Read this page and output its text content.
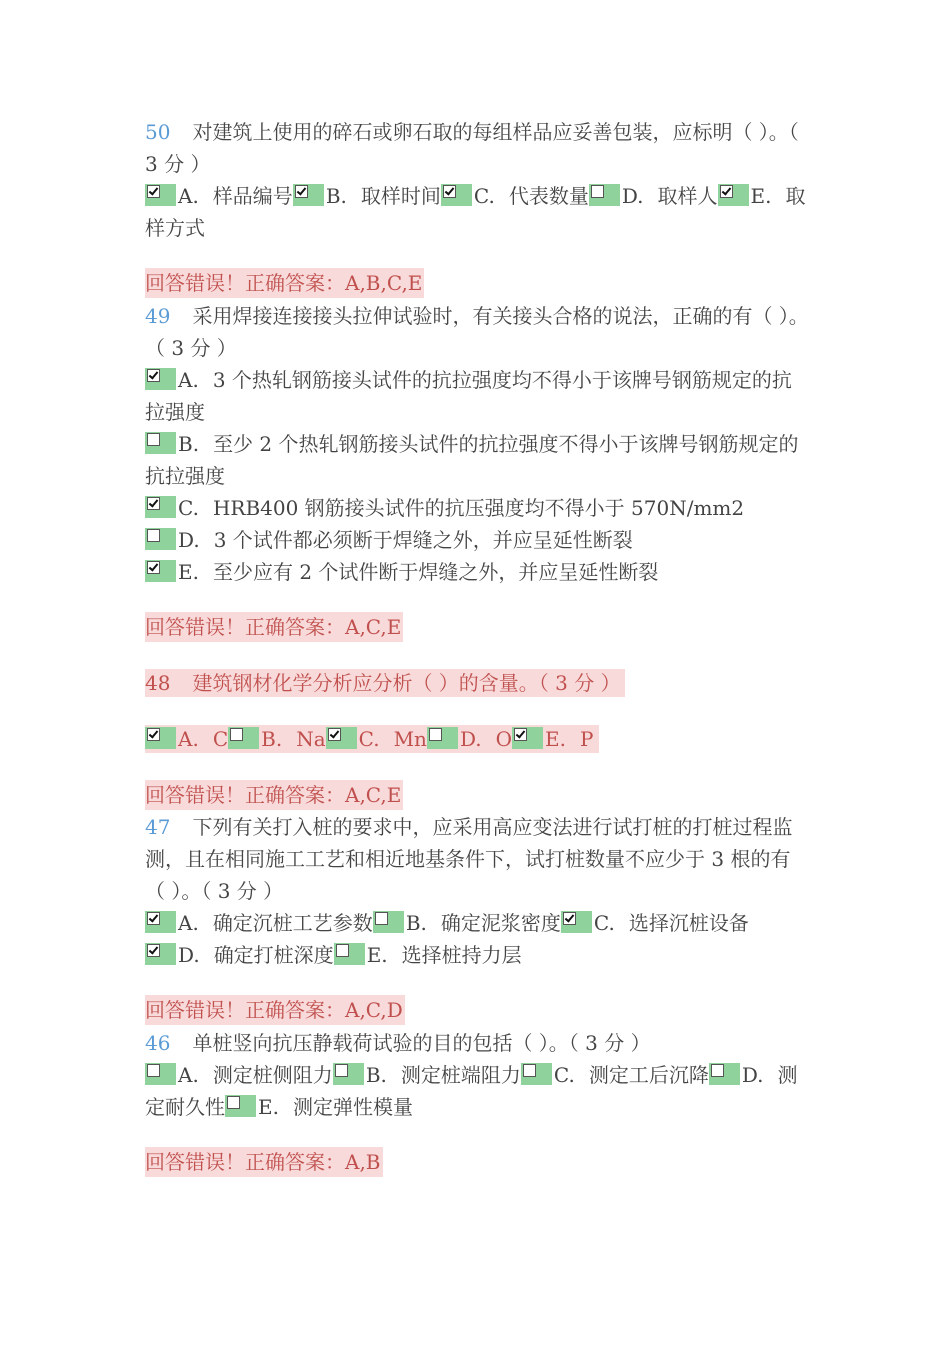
50 对建筑上使用的碎石或卵石取的每组样品应妥善包装，应标明（ ）。（ 3 分 ）
A. 样品编号 B. 取样时间 C. 代表数量 D. 取样人 E. 取样方式
回答错误！正确答案：A,B,C,E
49 采用焊接连接接头拉伸试验时，有关接头合格的说法，正确的有（ ）。（ 3 分 ）
A. 3 个热轧钢筋接头试件的抗拉强度均不得小于该牌号钢筋规定的抗拉强度
B. 至少 2 个热轧钢筋接头试件的抗拉强度不得小于该牌号钢筋规定的抗拉强度
C. HRB400 钢筋接头试件的抗压强度均不得小于 570N/mm2
D. 3 个试件都必须断于焊缝之外，并应呈延性断裂
E. 至少应有 2 个试件断于焊缝之外，并应呈延性断裂
回答错误！正确答案：A,C,E
48 建筑钢材化学分析应分析（ ）的含量。（ 3 分 ）
A. C B. Na C. Mn D. O E. P
回答错误！正确答案：A,C,E
47 下列有关打入桩的要求中，应采用高应变法进行试打桩的打桩过程监测，且在相同施工工艺和相近地基条件下，试打桩数量不应少于 3 根的有（ ）。（ 3 分 ）
A. 确定沉桩工艺参数 B. 确定泥浆密度 C. 选择沉桩设备

D. 确定打桩深度 E. 选择桩持力层
回答错误！正确答案：A,C,D
46 单桩竖向抗压静载荷试验的目的包括（ ）。（ 3 分 ）
A. 测定桩侧阻力 B. 测定桩端阻力 C. 测定工后沉降 D. 测定耐久性 E. 测定弹性模量
回答错误！正确答案：A,B
